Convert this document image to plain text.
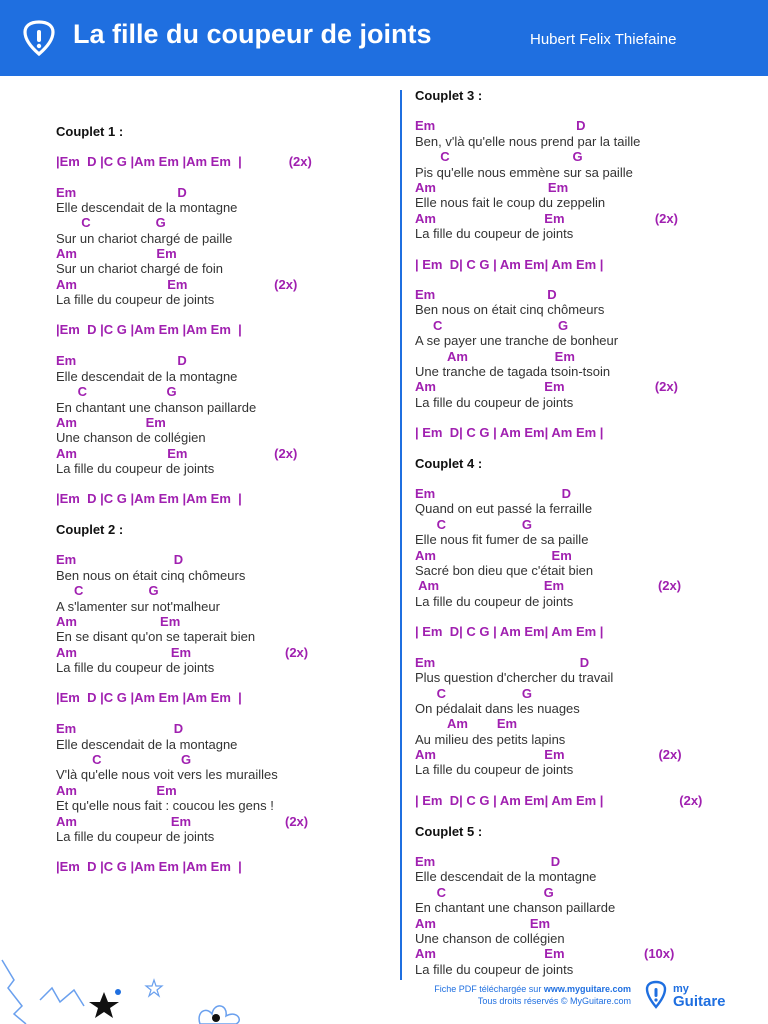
La fille du coupeur de joints	Hubert Felix Thiefaine
Couplet 1 :
|Em  D |C G |Am Em |Am Em  |             (2x)
Em                            D
Elle descendait de la montagne
C                  G
Sur un chariot chargé de paille
Am                      Em
Sur un chariot chargé de foin
Am                         Em                        (2x)
La fille du coupeur de joints
|Em  D |C G |Am Em |Am Em  |
Em                            D
Elle descendait de la montagne
C                      G
En chantant une chanson paillarde
Am                   Em
Une chanson de collégien
Am                         Em                        (2x)
La fille du coupeur de joints
|Em  D |C G |Am Em |Am Em  |
Couplet 2 :
Em                           D
Ben nous on était cinq chômeurs
C                  G
A s'lamenter sur not'malheur
Am                       Em
En se disant qu'on se taperait bien
Am                          Em                          (2x)
La fille du coupeur de joints
|Em  D |C G |Am Em |Am Em  |
Em                           D
Elle descendait de la montagne
C                      G
V'là qu'elle nous voit vers les murailles
Am                      Em
Et qu'elle nous fait : coucou les gens !
Am                          Em                          (2x)
La fille du coupeur de joints
|Em  D |C G |Am Em |Am Em  |
Couplet 3 :
Em                                       D
Ben, v'là qu'elle nous prend par la taille
C                                  G
Pis qu'elle nous emmène sur sa paille
Am                               Em
Elle nous fait le coup du zeppelin
Am                              Em                         (2x)
La fille du coupeur de joints
| Em  D| C G | Am Em| Am Em |
Em                               D
Ben nous on était cinq chômeurs
C                                G
A se payer une tranche de bonheur
Am                        Em
Une tranche de tagada tsoin-tsoin
Am                              Em                         (2x)
La fille du coupeur de joints
| Em  D| C G | Am Em| Am Em |
Couplet 4 :
Em                                   D
Quand on eut passé la ferraille
C                     G
Elle nous fit fumer de sa paille
Am                                Em
Sacré bon dieu que c'était bien
Am                             Em                          (2x)
La fille du coupeur de joints
| Em  D| C G | Am Em| Am Em |
Em                                        D
Plus question d'chercher du travail
C                     G
On pédalait dans les nuages
Am        Em
Au milieu des petits lapins
Am                              Em                          (2x)
La fille du coupeur de joints
| Em  D| C G | Am Em| Am Em |                     (2x)
Couplet 5 :
Em                                D
Elle descendait de la montagne
C                           G
En chantant une chanson paillarde
Am                          Em
Une chanson de collégien
Am                              Em                      (10x)
La fille du coupeur de joints
Fiche PDF téléchargée sur www.myguitare.com
Tous droits réservés © MyGuitare.com
my
Guitare
